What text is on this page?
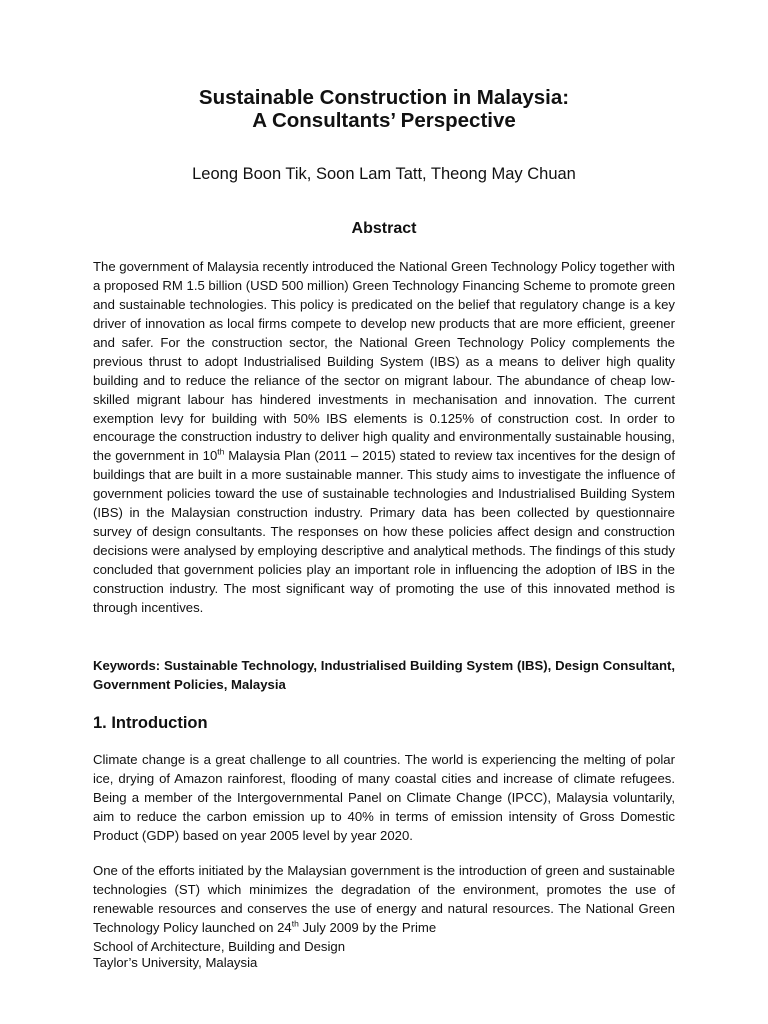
Sustainable Construction in Malaysia:
A Consultants’ Perspective

Leong Boon Tik, Soon Lam Tatt, Theong May Chuan

Abstract

The government of Malaysia recently introduced the National Green Technology Policy together with a proposed RM 1.5 billion (USD 500 million) Green Technology Financing Scheme to promote green and sustainable technologies. This policy is predicated on the belief that regulatory change is a key driver of innovation as local firms compete to develop new products that are more efficient, greener and safer. For the construction sector, the National Green Technology Policy complements the previous thrust to adopt Industrialised Building System (IBS) as a means to deliver high quality building and to reduce the reliance of the sector on migrant labour. The abundance of cheap low-skilled migrant labour has hindered investments in mechanisation and innovation. The current exemption levy for building with 50% IBS elements is 0.125% of construction cost. In order to encourage the construction industry to deliver high quality and environmentally sustainable housing, the government in 10th Malaysia Plan (2011 – 2015) stated to review tax incentives for the design of buildings that are built in a more sustainable manner. This study aims to investigate the influence of government policies toward the use of sustainable technologies and Industrialised Building System (IBS) in the Malaysian construction industry. Primary data has been collected by questionnaire survey of design consultants. The responses on how these policies affect design and construction decisions were analysed by employing descriptive and analytical methods. The findings of this study concluded that government policies play an important role in influencing the adoption of IBS in the construction industry. The most significant way of promoting the use of this innovated method is through incentives.

Keywords: Sustainable Technology, Industrialised Building System (IBS), Design Consultant, Government Policies, Malaysia

1. Introduction

Climate change is a great challenge to all countries. The world is experiencing the melting of polar ice, drying of Amazon rainforest, flooding of many coastal cities and increase of climate refugees. Being a member of the Intergovernmental Panel on Climate Change (IPCC), Malaysia voluntarily, aim to reduce the carbon emission up to 40% in terms of emission intensity of Gross Domestic Product (GDP) based on year 2005 level by year 2020.

One of the efforts initiated by the Malaysian government is the introduction of green and sustainable technologies (ST) which minimizes the degradation of the environment, promotes the use of renewable resources and conserves the use of energy and natural resources. The National Green Technology Policy launched on 24th July 2009 by the Prime

School of Architecture, Building and Design
Taylor’s University, Malaysia
